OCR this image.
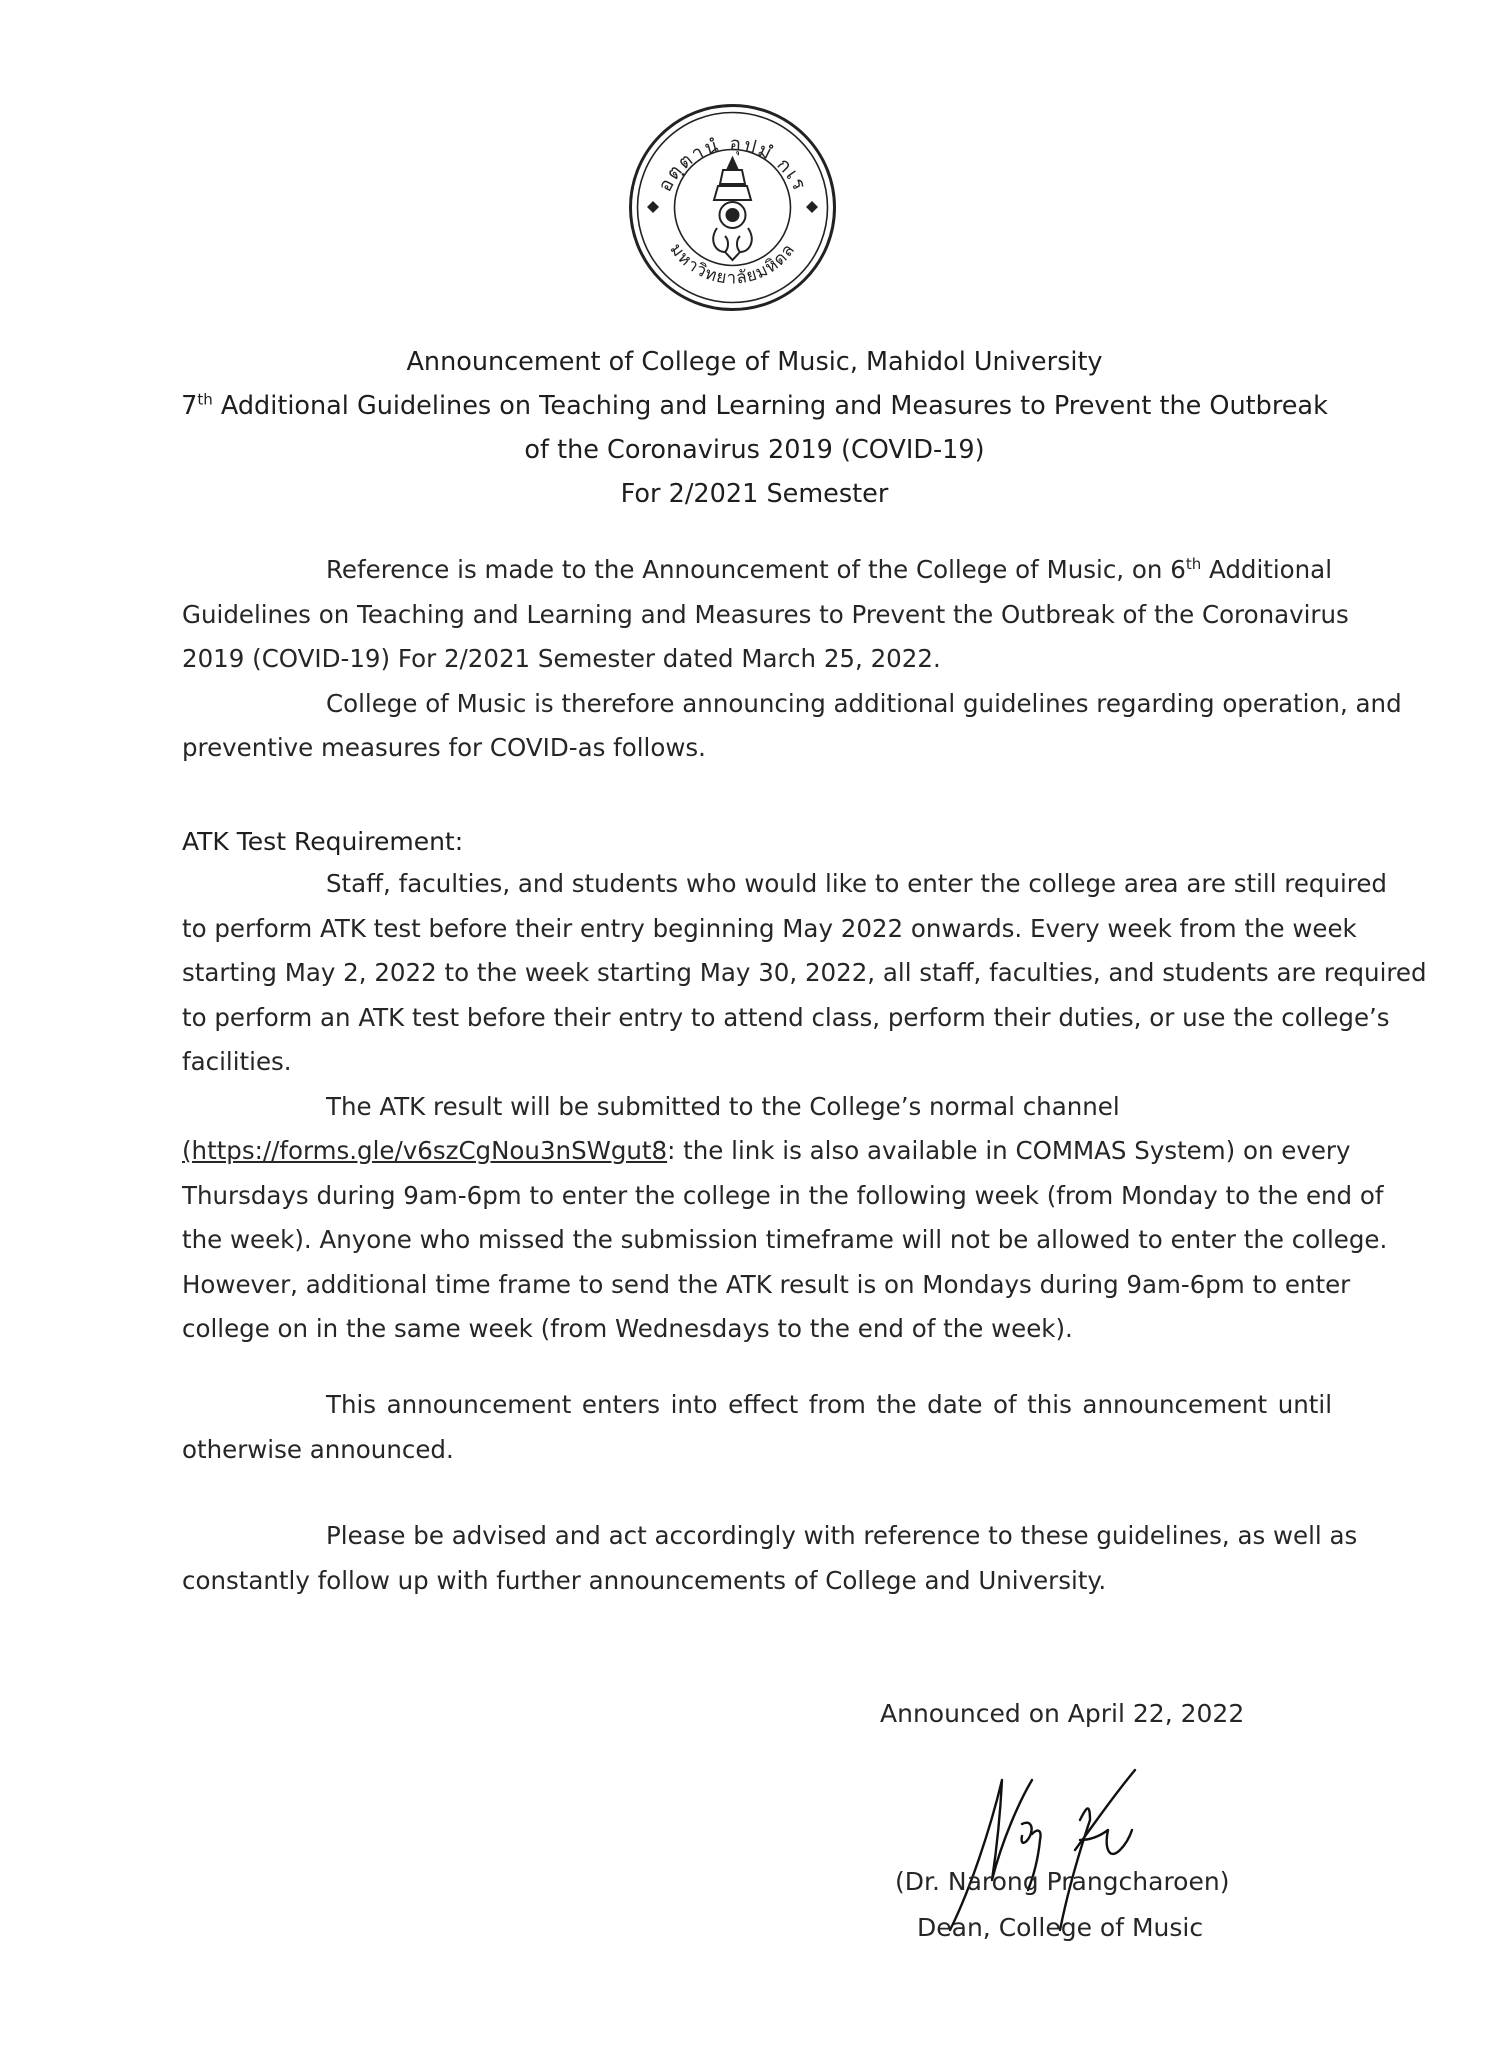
อตฺตานํ อุปมํ กเร
มหาวิทยาลัยมหิดล
Announcement of College of Music, Mahidol University
7th Additional Guidelines on Teaching and Learning and Measures to Prevent the Outbreak
of the Coronavirus 2019 (COVID-19)
For 2/2021 Semester
Reference is made to the Announcement of the College of Music, on 6th Additional
Guidelines on Teaching and Learning and Measures to Prevent the Outbreak of the Coronavirus
2019 (COVID-19) For 2/2021 Semester dated March 25, 2022.
College of Music is therefore announcing additional guidelines regarding operation, and
preventive measures for COVID-as follows.
ATK Test Requirement:
Staff, faculties, and students who would like to enter the college area are still required
to perform ATK test before their entry beginning May 2022 onwards. Every week from the week
starting May 2, 2022 to the week starting May 30, 2022, all staff, faculties, and students are required
to perform an ATK test before their entry to attend class, perform their duties, or use the college’s
facilities.
The ATK result will be submitted to the College’s normal channel
(https://forms.gle/v6szCgNou3nSWgut8: the link is also available in COMMAS System) on every
Thursdays during 9am-6pm to enter the college in the following week (from Monday to the end of
the week). Anyone who missed the submission timeframe will not be allowed to enter the college.
However, additional time frame to send the ATK result is on Mondays during 9am-6pm to enter
college on in the same week (from Wednesdays to the end of the week).
This announcement enters into effect from the date of this announcement until
otherwise announced.
Please be advised and act accordingly with reference to these guidelines, as well as
constantly follow up with further announcements of College and University.
Announced on April 22, 2022
(Dr. Narong Prangcharoen)
Dean, College of Music
